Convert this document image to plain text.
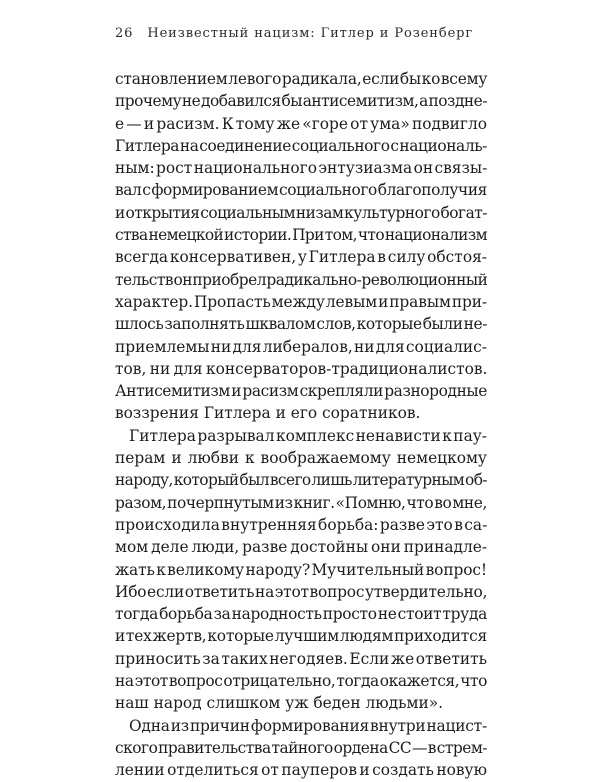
26 Неизвестный нацизм: Гитлер и Розенберг
становлением левого радикала, если бы ко всему
прочему не добавился бы антисемитизм, а поздне-
е — и расизм. К тому же «горе от ума» подвигло
Гитлера на соединение социального с националь-
ным: рост национального энтузиазма он связы-
вал с формированием социального благополучия
и открытия социальным низам культурного богат-
ства немецкой истории. При том, что национализм
всегда консервативен, у Гитлера в силу обстоя-
тельств он приобрел радикально-революционный
характер. Пропасть между левым и правым при-
шлось заполнять шквалом слов, которые были не-
приемлемы ни для либералов, ни для социалис-
тов, ни для консерваторов-традиционалистов.
Антисемитизм и расизм скрепляли разнородные
воззрения Гитлера и его соратников.
Гитлера разрывал комплекс ненависти к пау-
перам и любви к воображаемому немецкому
народу, который был всего лишь литературным об-
разом, почерпнутым из книг. «Помню, что во мне,
происходила внутренняя борьба: разве это в са-
мом деле люди, разве достойны они принадле-
жать к великому народу? Мучительный вопрос!
Ибо если ответить на этот вопрос утвердительно,
тогда борьба за народность просто не стоит труда
и тех жертв, которые лучшим людям приходится
приносить за таких негодяев. Если же ответить
на этот вопрос отрицательно, тогда окажется, что
наш народ слишком уж беден людьми».
Одна из причин формирования внутри нацист-
ского правительства тайного ордена СС — в стрем-
лении отделиться от пауперов и создать новую
